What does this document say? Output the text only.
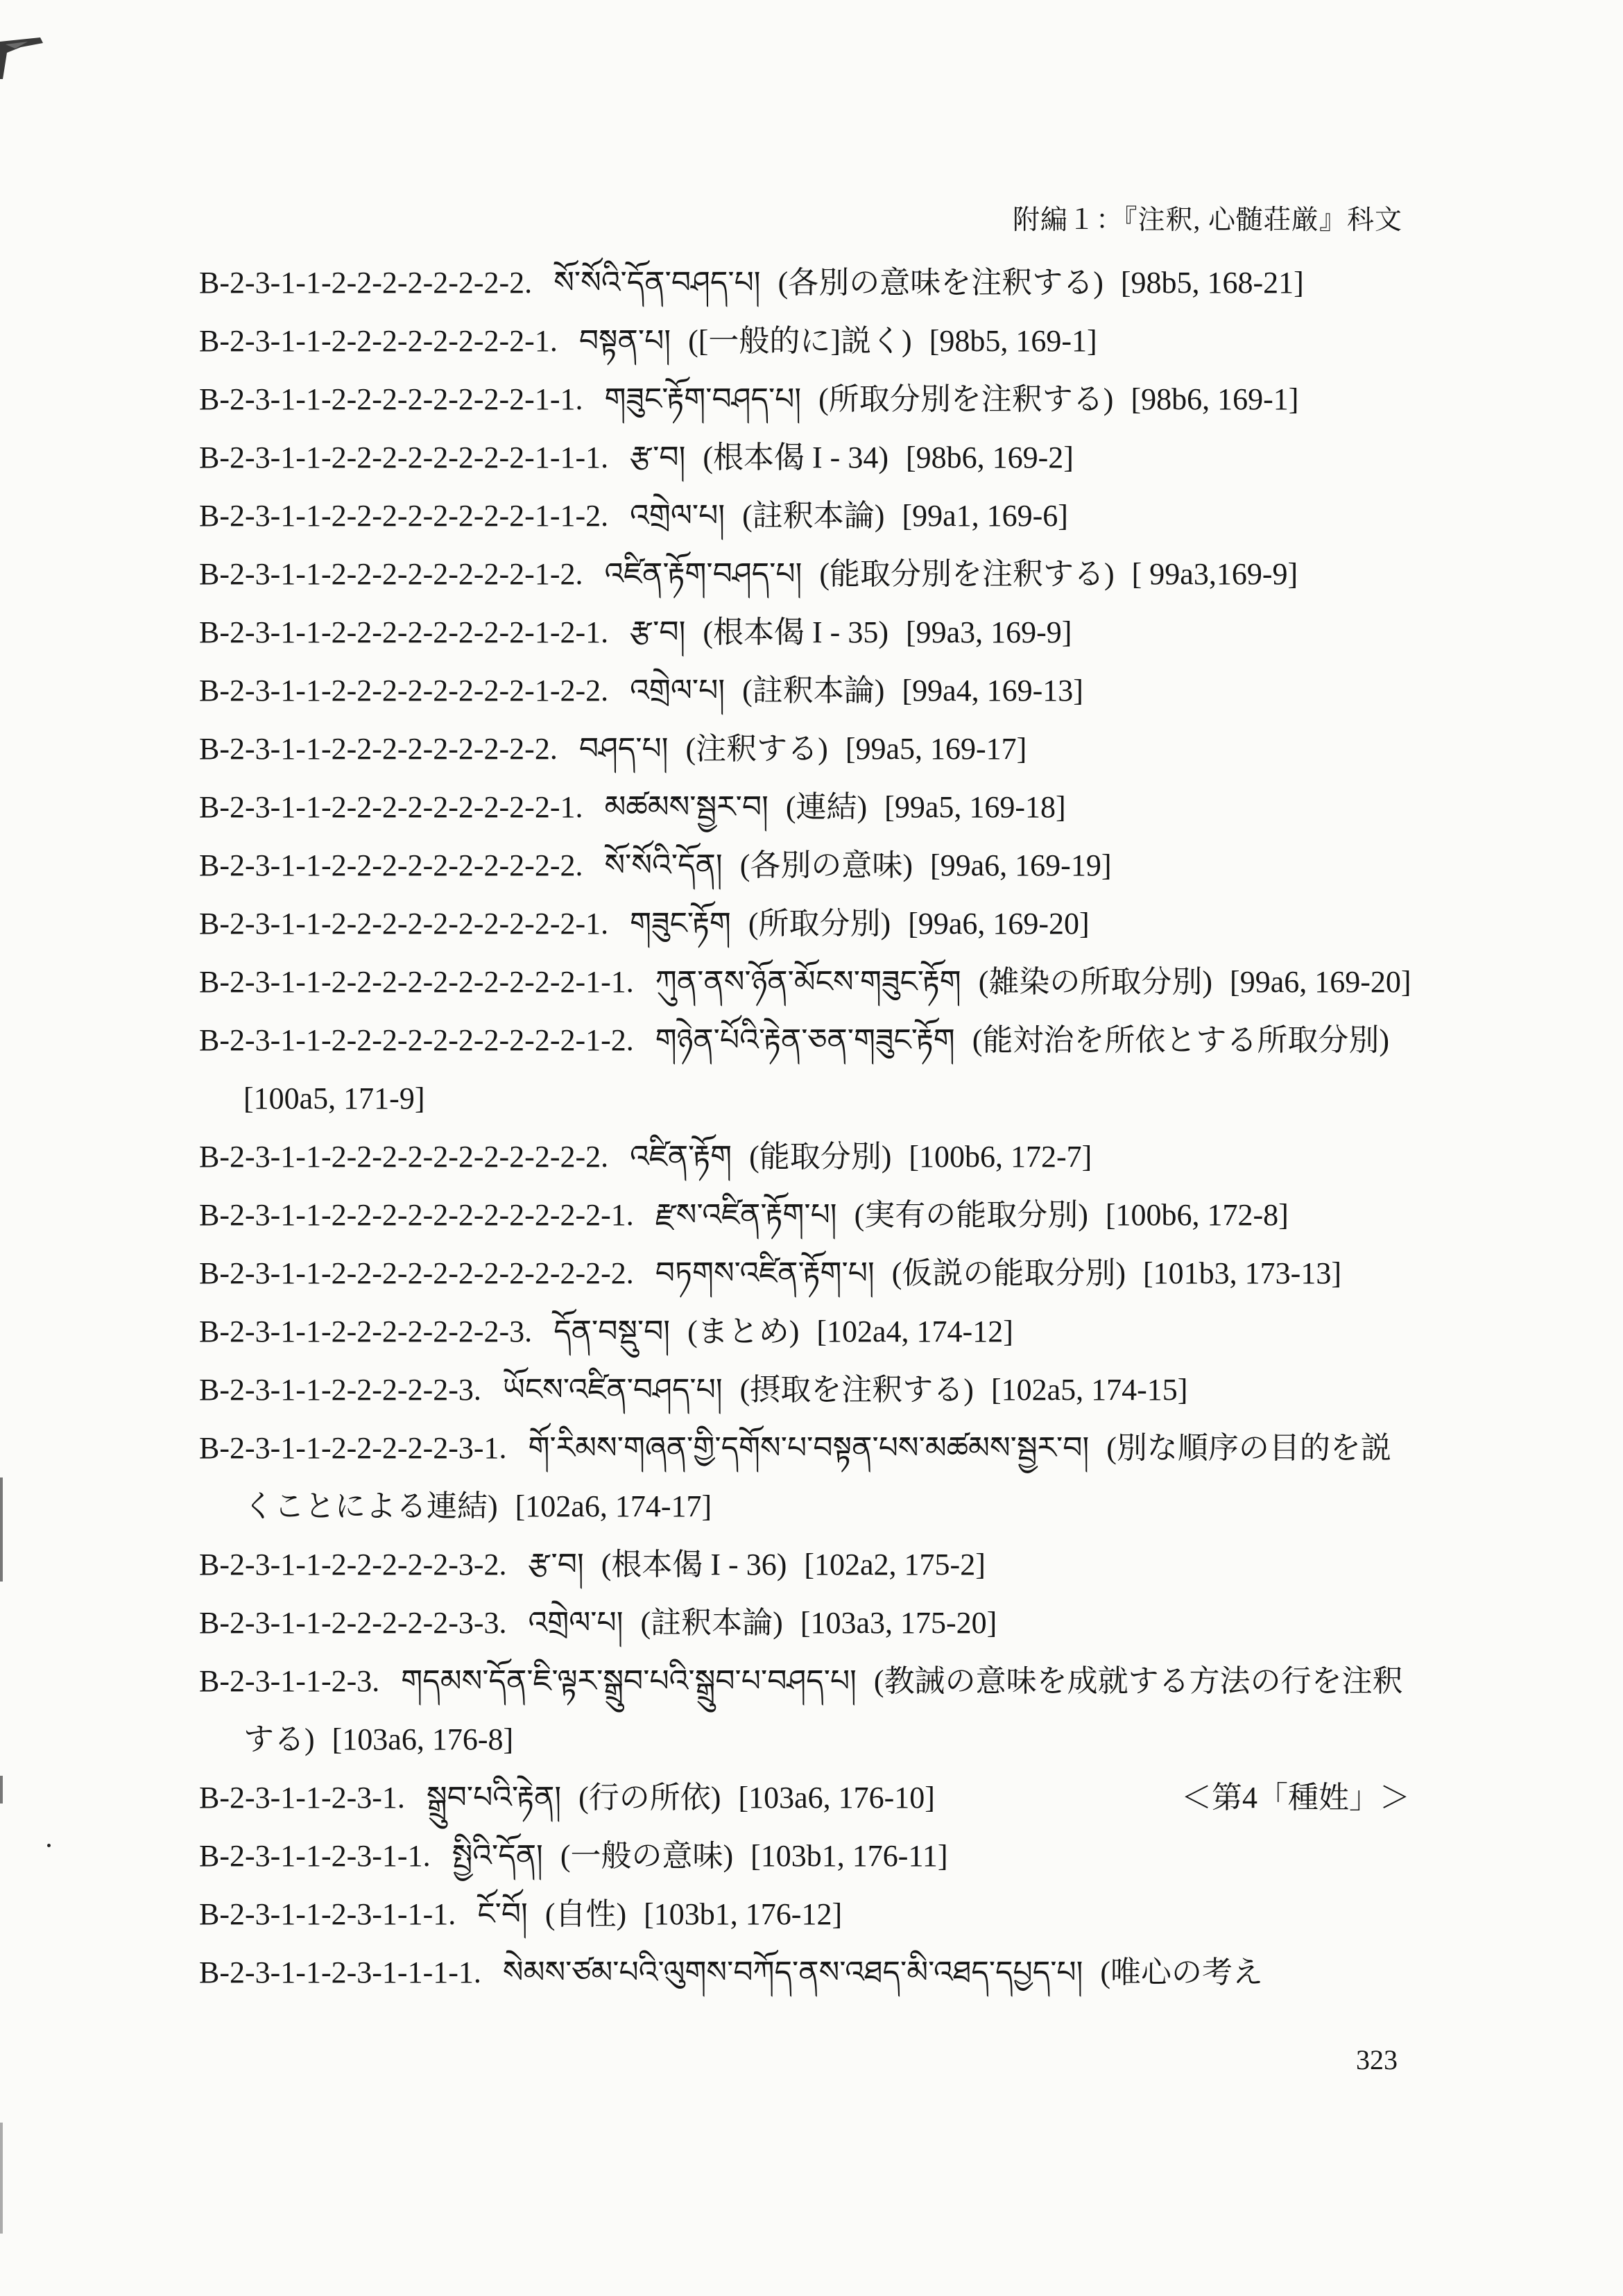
附編１：『注釈, 心髄荘厳』科文
B-2-3-1-1-2-2-2-2-2-2-2-2. སོ་སོའི་དོན་བཤད་པ། (各別の意味を注釈する) [98b5, 168-21]
B-2-3-1-1-2-2-2-2-2-2-2-2-1. བསྟན་པ། ([一般的に]説く) [98b5, 169-1]
B-2-3-1-1-2-2-2-2-2-2-2-2-1-1. གཟུང་རྟོག་བཤད་པ། (所取分別を注釈する) [98b6, 169-1]
B-2-3-1-1-2-2-2-2-2-2-2-2-1-1-1. རྩ་བ། (根本偈 I - 34) [98b6, 169-2]
B-2-3-1-1-2-2-2-2-2-2-2-2-1-1-2. འགྲེལ་པ། (註釈本論) [99a1, 169-6]
B-2-3-1-1-2-2-2-2-2-2-2-2-1-2. འཛིན་རྟོག་བཤད་པ། (能取分別を注釈する) [ 99a3,169-9]
B-2-3-1-1-2-2-2-2-2-2-2-2-1-2-1. རྩ་བ། (根本偈 I - 35) [99a3, 169-9]
B-2-3-1-1-2-2-2-2-2-2-2-2-1-2-2. འགྲེལ་པ། (註釈本論) [99a4, 169-13]
B-2-3-1-1-2-2-2-2-2-2-2-2-2. བཤད་པ། (注釈する) [99a5, 169-17]
B-2-3-1-1-2-2-2-2-2-2-2-2-2-1. མཚམས་སྦྱར་བ། (連結) [99a5, 169-18]
B-2-3-1-1-2-2-2-2-2-2-2-2-2-2. སོ་སོའི་དོན། (各別の意味) [99a6, 169-19]
B-2-3-1-1-2-2-2-2-2-2-2-2-2-2-1. གཟུང་རྟོག (所取分別) [99a6, 169-20]
B-2-3-1-1-2-2-2-2-2-2-2-2-2-2-1-1. ཀུན་ནས་ཉོན་མོངས་གཟུང་རྟོག (雑染の所取分別) [99a6, 169-20]
B-2-3-1-1-2-2-2-2-2-2-2-2-2-2-1-2. གཉེན་པོའི་རྟེན་ཅན་གཟུང་རྟོག (能対治を所依とする所取分別) [100a5, 171-9]
B-2-3-1-1-2-2-2-2-2-2-2-2-2-2-2. འཛིན་རྟོག (能取分別) [100b6, 172-7]
B-2-3-1-1-2-2-2-2-2-2-2-2-2-2-2-1. རྫས་འཛིན་རྟོག་པ། (実有の能取分別) [100b6, 172-8]
B-2-3-1-1-2-2-2-2-2-2-2-2-2-2-2-2. བཏགས་འཛིན་རྟོག་པ། (仮説の能取分別) [101b3, 173-13]
B-2-3-1-1-2-2-2-2-2-2-2-3. དོན་བསྡུ་བ། (まとめ) [102a4, 174-12]
B-2-3-1-1-2-2-2-2-2-3. ཡོངས་འཛིན་བཤད་པ། (摂取を注釈する) [102a5, 174-15]
B-2-3-1-1-2-2-2-2-2-3-1. གོ་རིམས་གཞན་གྱི་དགོས་པ་བསྟན་པས་མཚམས་སྦྱར་བ། (別な順序の目的を説くことによる連結) [102a6, 174-17]
B-2-3-1-1-2-2-2-2-2-3-2. རྩ་བ། (根本偈 I - 36) [102a2, 175-2]
B-2-3-1-1-2-2-2-2-2-3-3. འགྲེལ་པ། (註釈本論) [103a3, 175-20]
B-2-3-1-1-2-3. གདམས་དོན་ཇི་ལྟར་སྒྲུབ་པའི་སྒྲུབ་པ་བཤད་པ། (教誡の意味を成就する方法の行を注釈する) [103a6, 176-8]
B-2-3-1-1-2-3-1. སྒྲུབ་པའི་རྟེན། (行の所依) [103a6, 176-10]	＜第4「種姓」＞
B-2-3-1-1-2-3-1-1. སྤྱིའི་དོན། (一般の意味) [103b1, 176-11]
B-2-3-1-1-2-3-1-1-1. ངོ་བོ། (自性) [103b1, 176-12]
B-2-3-1-1-2-3-1-1-1-1. སེམས་ཙམ་པའི་ལུགས་བཀོད་ནས་འཐད་མི་འཐད་དཔྱད་པ། (唯心の考え
323
